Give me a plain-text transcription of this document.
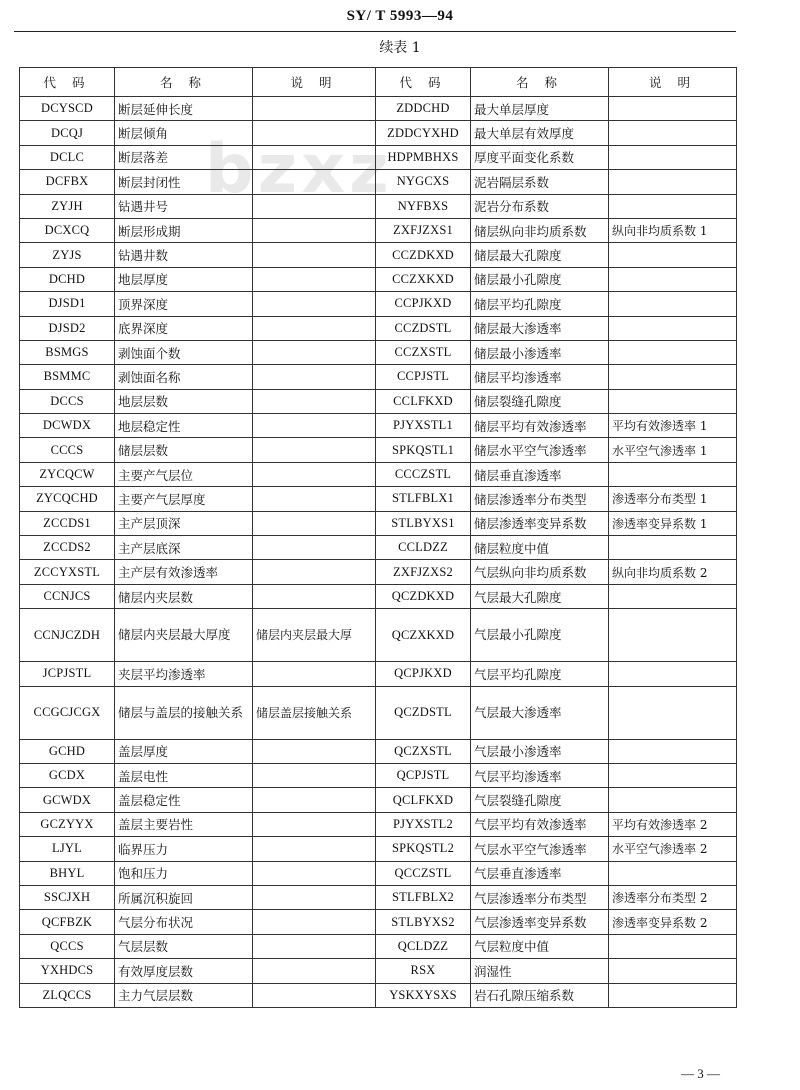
SY/ T 5993—94
续表 1
bzxz
代 码	名 称	说 明	代 码	名 称	说 明
DCYSCD	断层延伸长度		ZDDCHD	最大单层厚度	
DCQJ	断层倾角		ZDDCYXHD	最大单层有效厚度	
DCLC	断层落差		HDPMBHXS	厚度平面变化系数	
DCFBX	断层封闭性		NYGCXS	泥岩隔层系数	
ZYJH	钻遇井号		NYFBXS	泥岩分布系数	
DCXCQ	断层形成期		ZXFJZXS1	储层纵向非均质系数	纵向非均质系数 1
ZYJS	钻遇井数		CCZDKXD	储层最大孔隙度	
DCHD	地层厚度		CCZXKXD	储层最小孔隙度	
DJSD1	顶界深度		CCPJKXD	储层平均孔隙度	
DJSD2	底界深度		CCZDSTL	储层最大渗透率	
BSMGS	剥蚀面个数		CCZXSTL	储层最小渗透率	
BSMMC	剥蚀面名称		CCPJSTL	储层平均渗透率	
DCCS	地层层数		CCLFKXD	储层裂缝孔隙度	
DCWDX	地层稳定性		PJYXSTL1	储层平均有效渗透率	平均有效渗透率 1
CCCS	储层层数		SPKQSTL1	储层水平空气渗透率	水平空气渗透率 1
ZYCQCW	主要产气层位		CCCZSTL	储层垂直渗透率	
ZYCQCHD	主要产气层厚度		STLFBLX1	储层渗透率分布类型	渗透率分布类型 1
ZCCDS1	主产层顶深		STLBYXS1	储层渗透率变异系数	渗透率变异系数 1
ZCCDS2	主产层底深		CCLDZZ	储层粒度中值	
ZCCYXSTL	主产层有效渗透率		ZXFJZXS2	气层纵向非均质系数	纵向非均质系数 2
CCNJCS	储层内夹层数		QCZDKXD	气层最大孔隙度	
CCNJCZDH	储层内夹层最大厚度	储层内夹层最大厚	QCZXKXD	气层最小孔隙度	
JCPJSTL	夹层平均渗透率		QCPJKXD	气层平均孔隙度	
CCGCJCGX	储层与盖层的接触关系	储层盖层接触关系	QCZDSTL	气层最大渗透率	
GCHD	盖层厚度		QCZXSTL	气层最小渗透率	
GCDX	盖层电性		QCPJSTL	气层平均渗透率	
GCWDX	盖层稳定性		QCLFKXD	气层裂缝孔隙度	
GCZYYX	盖层主要岩性		PJYXSTL2	气层平均有效渗透率	平均有效渗透率 2
LJYL	临界压力		SPKQSTL2	气层水平空气渗透率	水平空气渗透率 2
BHYL	饱和压力		QCCZSTL	气层垂直渗透率	
SSCJXH	所属沉积旋回		STLFBLX2	气层渗透率分布类型	渗透率分布类型 2
QCFBZK	气层分布状况		STLBYXS2	气层渗透率变异系数	渗透率变异系数 2
QCCS	气层层数		QCLDZZ	气层粒度中值	
YXHDCS	有效厚度层数		RSX	润湿性	
ZLQCCS	主力气层层数		YSKXYSXS	岩石孔隙压缩系数	
— 3 —
